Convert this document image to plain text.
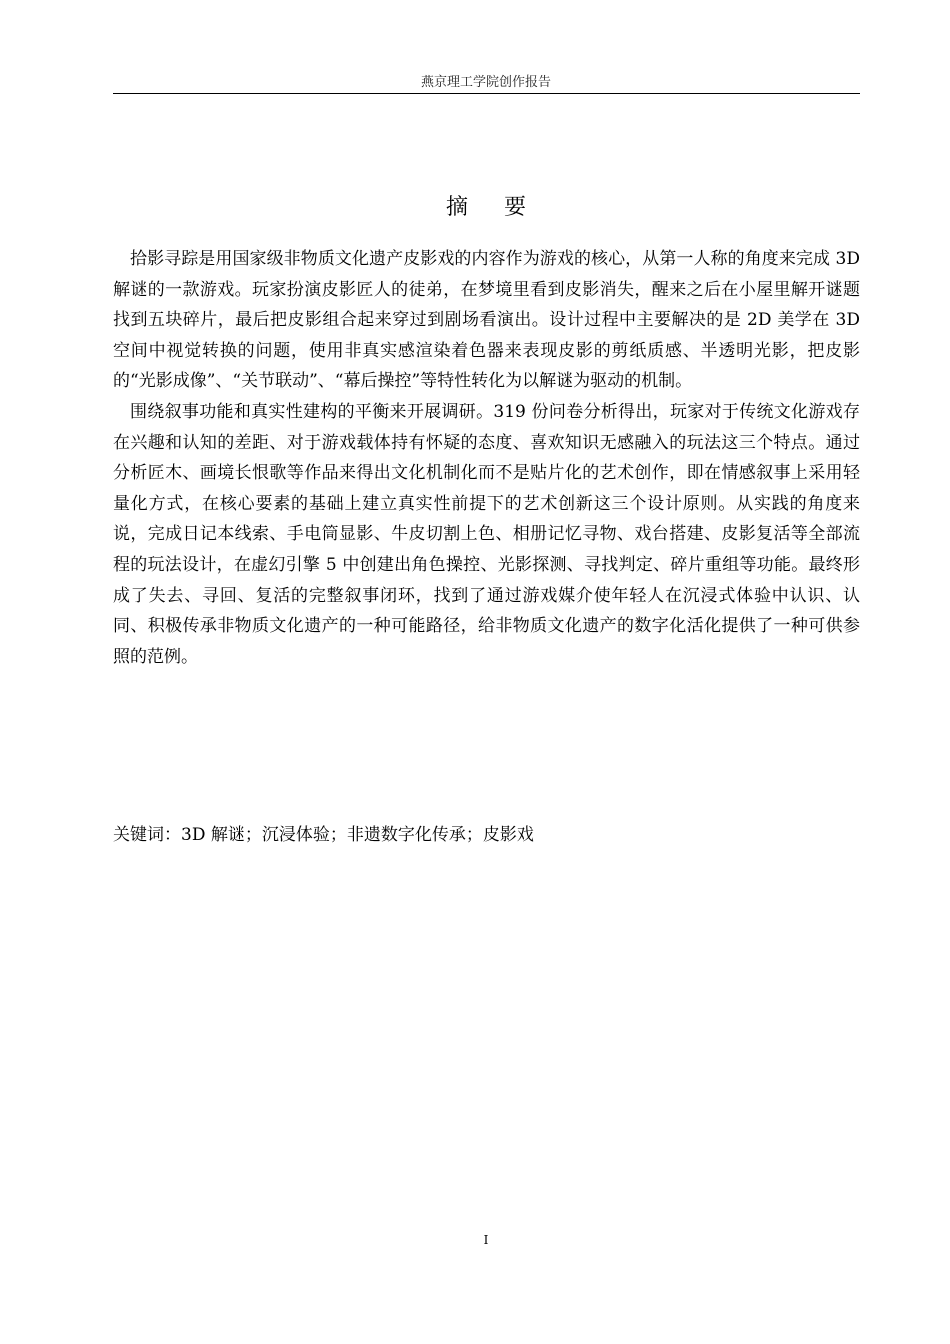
燕京理工学院创作报告
摘要

拾影寻踪是用国家级非物质文化遗产皮影戏的内容作为游戏的核心，从第一人称的角度来完成 3D 解谜的一款游戏。玩家扮演皮影匠人的徒弟，在梦境里看到皮影消失，醒来之后在小屋里解开谜题找到五块碎片，最后把皮影组合起来穿过到剧场看演出。设计过程中主要解决的是 2D 美学在 3D 空间中视觉转换的问题，使用非真实感渲染着色器来表现皮影的剪纸质感、半透明光影，把皮影的“光影成像”、“关节联动”、“幕后操控”等特性转化为以解谜为驱动的机制。

围绕叙事功能和真实性建构的平衡来开展调研。319 份问卷分析得出，玩家对于传统文化游戏存在兴趣和认知的差距、对于游戏载体持有怀疑的态度、喜欢知识无感融入的玩法这三个特点。通过分析匠木、画境长恨歌等作品来得出文化机制化而不是贴片化的艺术创作，即在情感叙事上采用轻量化方式，在核心要素的基础上建立真实性前提下的艺术创新这三个设计原则。从实践的角度来说，完成日记本线索、手电筒显影、牛皮切割上色、相册记忆寻物、戏台搭建、皮影复活等全部流程的玩法设计，在虚幻引擎 5 中创建出角色操控、光影探测、寻找判定、碎片重组等功能。最终形成了失去、寻回、复活的完整叙事闭环，找到了通过游戏媒介使年轻人在沉浸式体验中认识、认同、积极传承非物质文化遗产的一种可能路径，给非物质文化遗产的数字化活化提供了一种可供参照的范例。

关键词：3D 解谜；沉浸体验；非遗数字化传承；皮影戏
I
